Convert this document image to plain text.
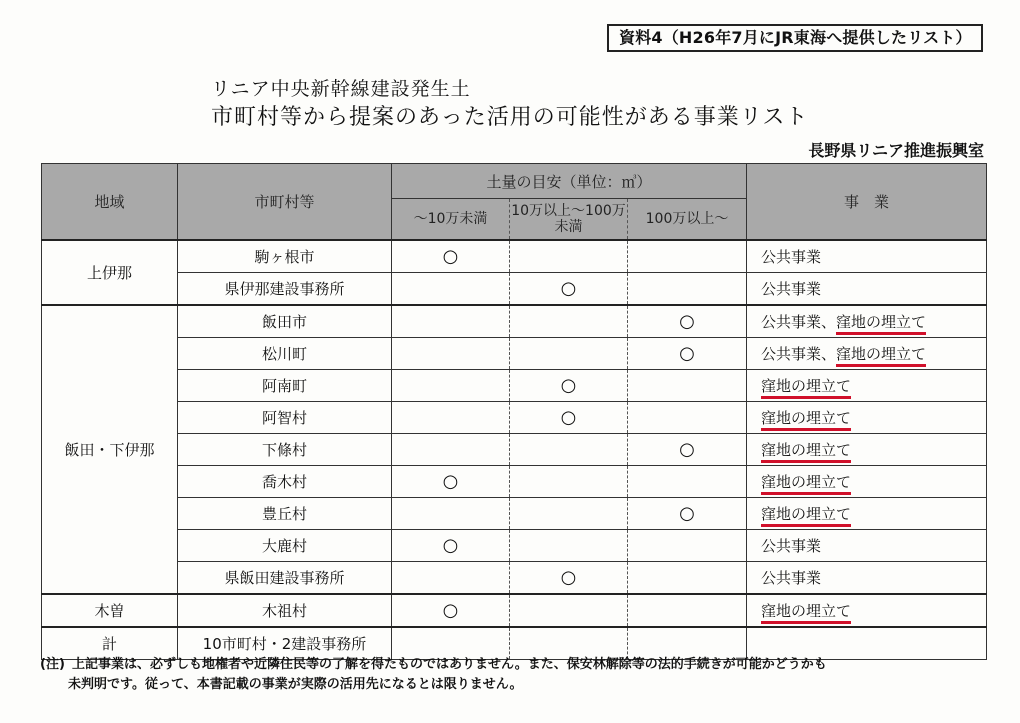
資料4（H26年7月にJR東海へ提供したリスト）
リニア中央新幹線建設発生土
市町村等から提案のあった活用の可能性がある事業リスト
長野県リニア推進振興室
地域	市町村等	土量の目安（単位：㎥）			事　業
		～10万未満	10万以上～100万未満	100万以上～	
上伊那	駒ヶ根市	○			公共事業
	県伊那建設事務所		○		公共事業
飯田・下伊那	飯田市			○	公共事業、窪地の埋立て
	松川町			○	公共事業、窪地の埋立て
	阿南町		○		窪地の埋立て
	阿智村		○		窪地の埋立て
	下條村			○	窪地の埋立て
	喬木村	○			窪地の埋立て
	豊丘村			○	窪地の埋立て
	大鹿村	○			公共事業
	県飯田建設事務所		○		公共事業
木曽	木祖村	○			窪地の埋立て
計	10市町村・2建設事務所				
(注) 上記事業は、必ずしも地権者や近隣住民等の了解を得たものではありません。また、保安林解除等の法的手続きが可能かどうかも
未判明です。従って、本書記載の事業が実際の活用先になるとは限りません。
